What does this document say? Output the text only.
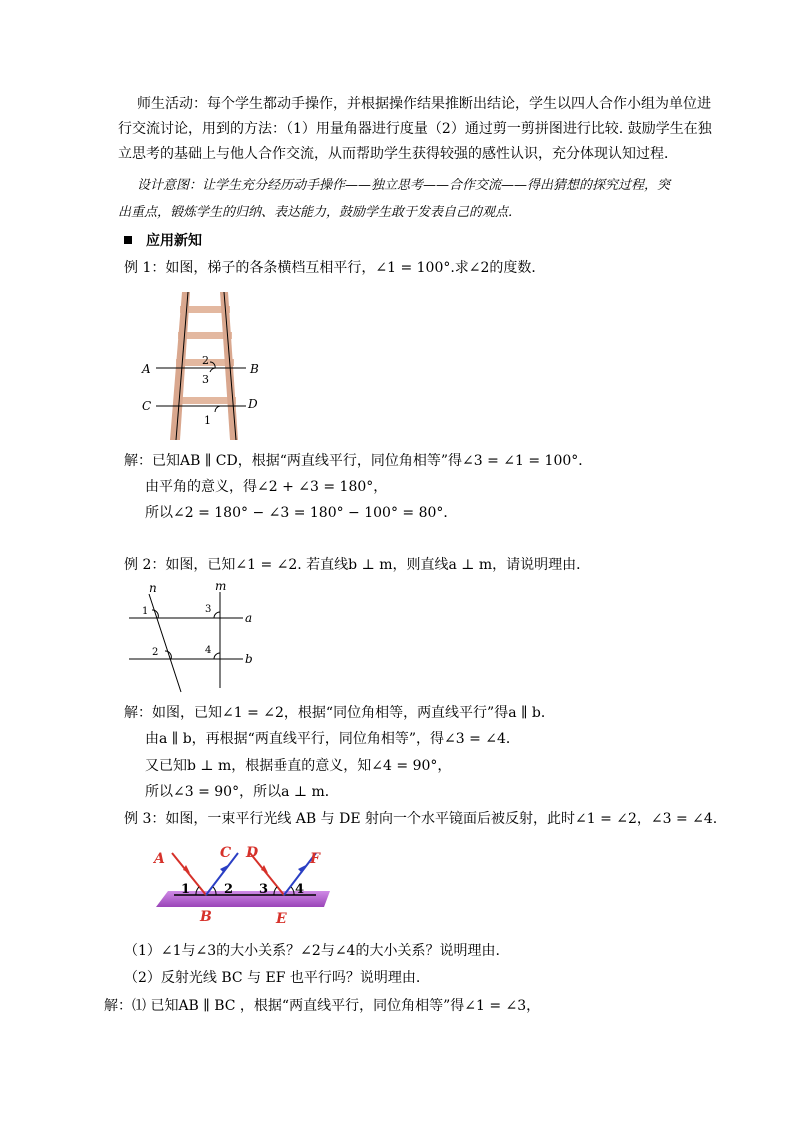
师生活动：每个学生都动手操作，并根据操作结果推断出结论，学生以四人合作小组为单位进
行交流讨论，用到的方法：（1）用量角器进行度量（2）通过剪一剪拼图进行比较. 鼓励学生在独
立思考的基础上与他人合作交流，从而帮助学生获得较强的感性认识，充分体现认知过程．
设计意图：让学生充分经历动手操作——独立思考——合作交流——得出猜想的探究过程，突
出重点，锻炼学生的归纳、表达能力，鼓励学生敢于发表自己的观点．
应用新知
例 1：如图，梯子的各条横档互相平行，∠1 = 100°.求∠2的度数．
2
3
1
A	B
C	D
解：已知AB ∥ CD，根据“两直线平行，同位角相等”得∠3 = ∠1 = 100°．
由平角的意义，得∠2 + ∠3 = 180°，
所以∠2 = 180° − ∠3 = 180° − 100° = 80°．
例 2：如图，已知∠1 = ∠2. 若直线b ⊥ m，则直线a ⊥ m，请说明理由．
n	m
a
b
1
2
3
4
解：如图，已知∠1 = ∠2，根据“同位角相等，两直线平行”得a ∥ b．
由a ∥ b，再根据“两直线平行，同位角相等”，得∠3 = ∠4．
又已知b ⊥ m，根据垂直的意义，知∠4 = 90°，
所以∠3 = 90°，所以a ⊥ m．
例 3：如图，一束平行光线 AB 与 DE 射向一个水平镜面后被反射，此时∠1 = ∠2，∠3 = ∠4.
1	2 3 4
A
B
C D
E
F
（1）∠1与∠3的大小关系？∠2与∠4的大小关系？说明理由.
（2）反射光线 BC 与 EF 也平行吗？说明理由.
解：⑴ 已知AB ∥ BC ，根据“两直线平行，同位角相等”得∠1 = ∠3，
